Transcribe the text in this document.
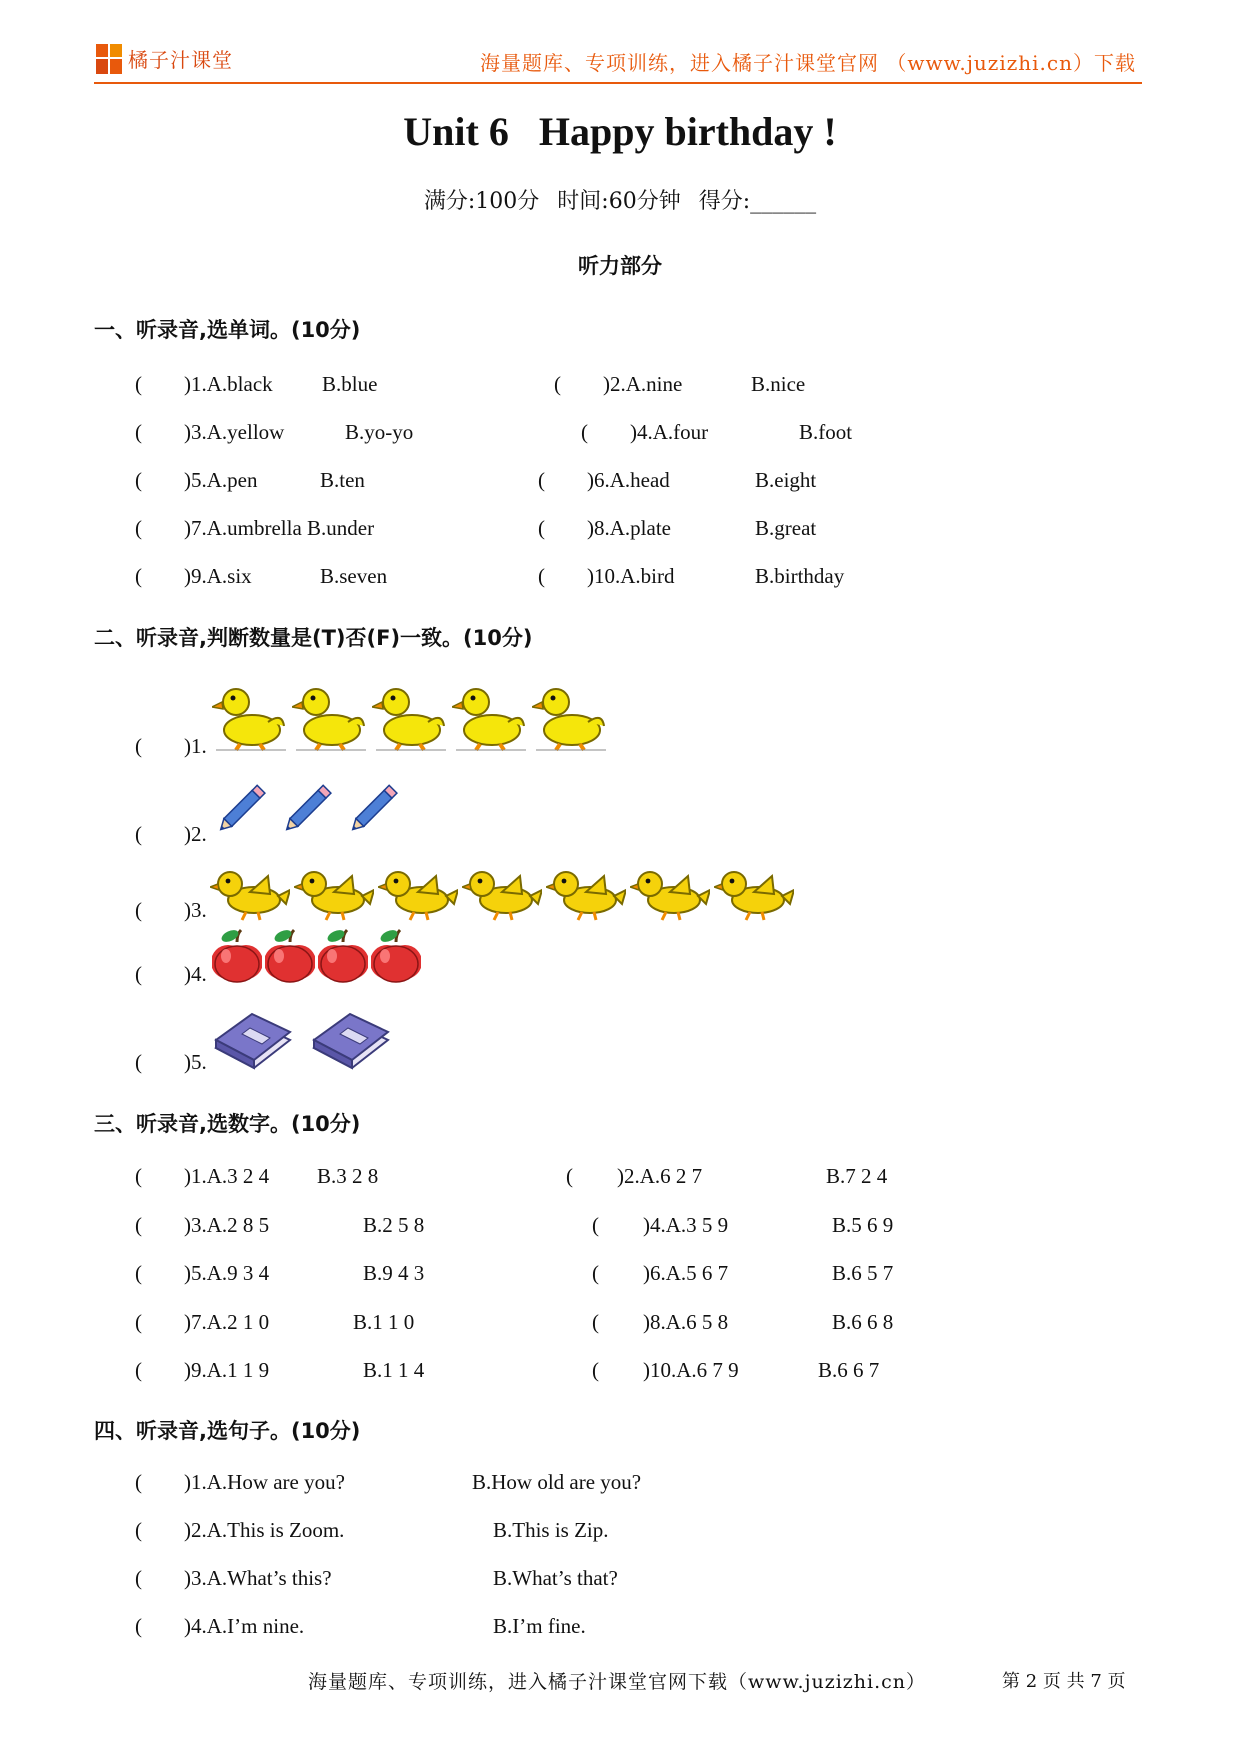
橘子汁课堂	海量题库、专项训练，进入橘子汁课堂官网 （www.juzizhi.cn）下载
Unit 6 Happy birthday !
满分:100分 时间:60分钟 得分:______
听力部分
一、听录音,选单词。(10分)
( )1.A.black B.blue	( )2.A.nine	B.nice
( )3.A.yellow	B.yo-yo	( )4.A.four	B.foot
( )5.A.pen	B.ten	( )6.A.head	B.eight
( )7.A.umbrella B.under	( )8.A.plate	B.great
( )9.A.six	B.seven	( )10.A.bird	B.birthday
二、听录音,判断数量是(T)否(F)一致。(10分)
( )1.
( )2.
( )3.
( )4.
( )5.
三、听录音,选数字。(10分)
( )1.A.3 2 4 B.3 2 8	( )2.A.6 2 7	B.7 2 4
( )3.A.2 8 5	B.2 5 8	( )4.A.3 5 9	B.5 6 9
( )5.A.9 3 4	B.9 4 3	( )6.A.5 6 7	B.6 5 7
( )7.A.2 1 0	B.1 1 0	( )8.A.6 5 8	B.6 6 8
( )9.A.1 1 9	B.1 1 4	( )10.A.6 7 9	B.6 6 7
四、听录音,选句子。(10分)
( )1.A.How are you?	B.How old are you?
( )2.A.This is Zoom.	B.This is Zip.
( )3.A.What’s this?	B.What’s that?
( )4.A.I’m nine.	B.I’m fine.
海量题库、专项训练，进入橘子汁课堂官网下载（www.juzizhi.cn）	第 2 页 共 7 页
